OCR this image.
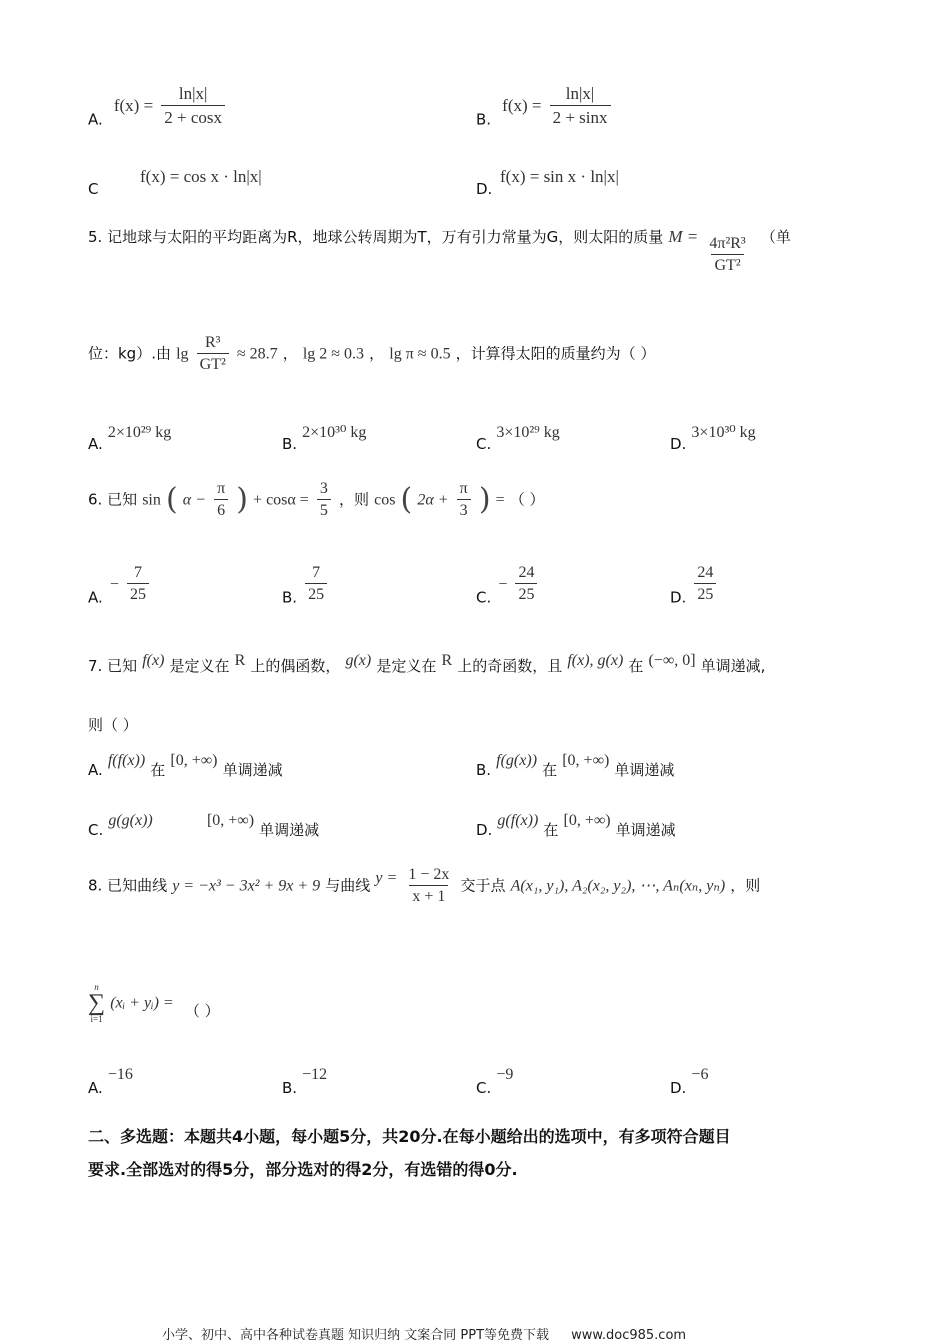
A. $f(x) = \frac{\ln|x|}{2 + \cos x}$	B. $f(x) = \frac{\ln|x|}{2 + \sin x}$
C
f(x) = cos x · ln|x|
D.
f(x) = sin x · ln|x|
5. 记地球与太阳的平均距离为R，地球公转周期为T，万有引力常量为G，则太阳的质量 $M = \frac{\text{4π²R³}}{\text{GT²}}$ （单
位：kg）.由 $\lg \frac{\text{R³}}{\text{GT²}} \approx 28.7$ ， lg 2 ≈ 0.3 ， lg π ≈ 0.5 ，计算得太阳的质量约为（ ）
A. 2×10²⁹ kg
B. 2×10³⁰ kg
C. 3×10²⁹ kg
D. 3×10³⁰ kg
6. 已知 sin ( $\alpha - \frac{\pi}{6}$ ) + $\cos\alpha = \frac{3}{5}$ ，则 cos ( $2\alpha + \frac{\pi}{3}$ ) = （ ）
A. − $\frac{7}{25}$	B. $\frac{7}{25}$	C. − $\frac{24}{25}$	D. $\frac{24}{25}$
7. 已知 f(x) 是定义在 R 上的偶函数， g(x) 是定义在 R 上的奇函数，且 f(x), g(x) 在 (−∞, 0] 单调递减,
则（ ）
A. f(f(x)) 在 [0, +∞) 单调递减	B. f(g(x)) 在 [0, +∞) 单调递减
C. g(g(x))	[0, +∞) 单调递减	D. g(f(x)) 在 [0, +∞) 单调递减
8. 已知曲线 y = −x³ − 3x² + 9x + 9 与曲线 $y = \frac{1 - 2x}{x + 1}$ 交于点 A(x₁, y₁), A₂(x₂, y₂), ⋯, Aₙ(xₙ, yₙ) ，则
n
∑
i=1
(xᵢ + yᵢ) = （ ）
A. −16
B. −12
C. −9
D. −6
二、多选题：本题共4小题，每小题5分，共20分.在每小题给出的选项中，有多项符合题目
要求.全部选对的得5分，部分选对的得2分，有选错的得0分.
小学、初中、高中各种试卷真题 知识归纳 文案合同 PPT等免费下载 www.doc985.com
